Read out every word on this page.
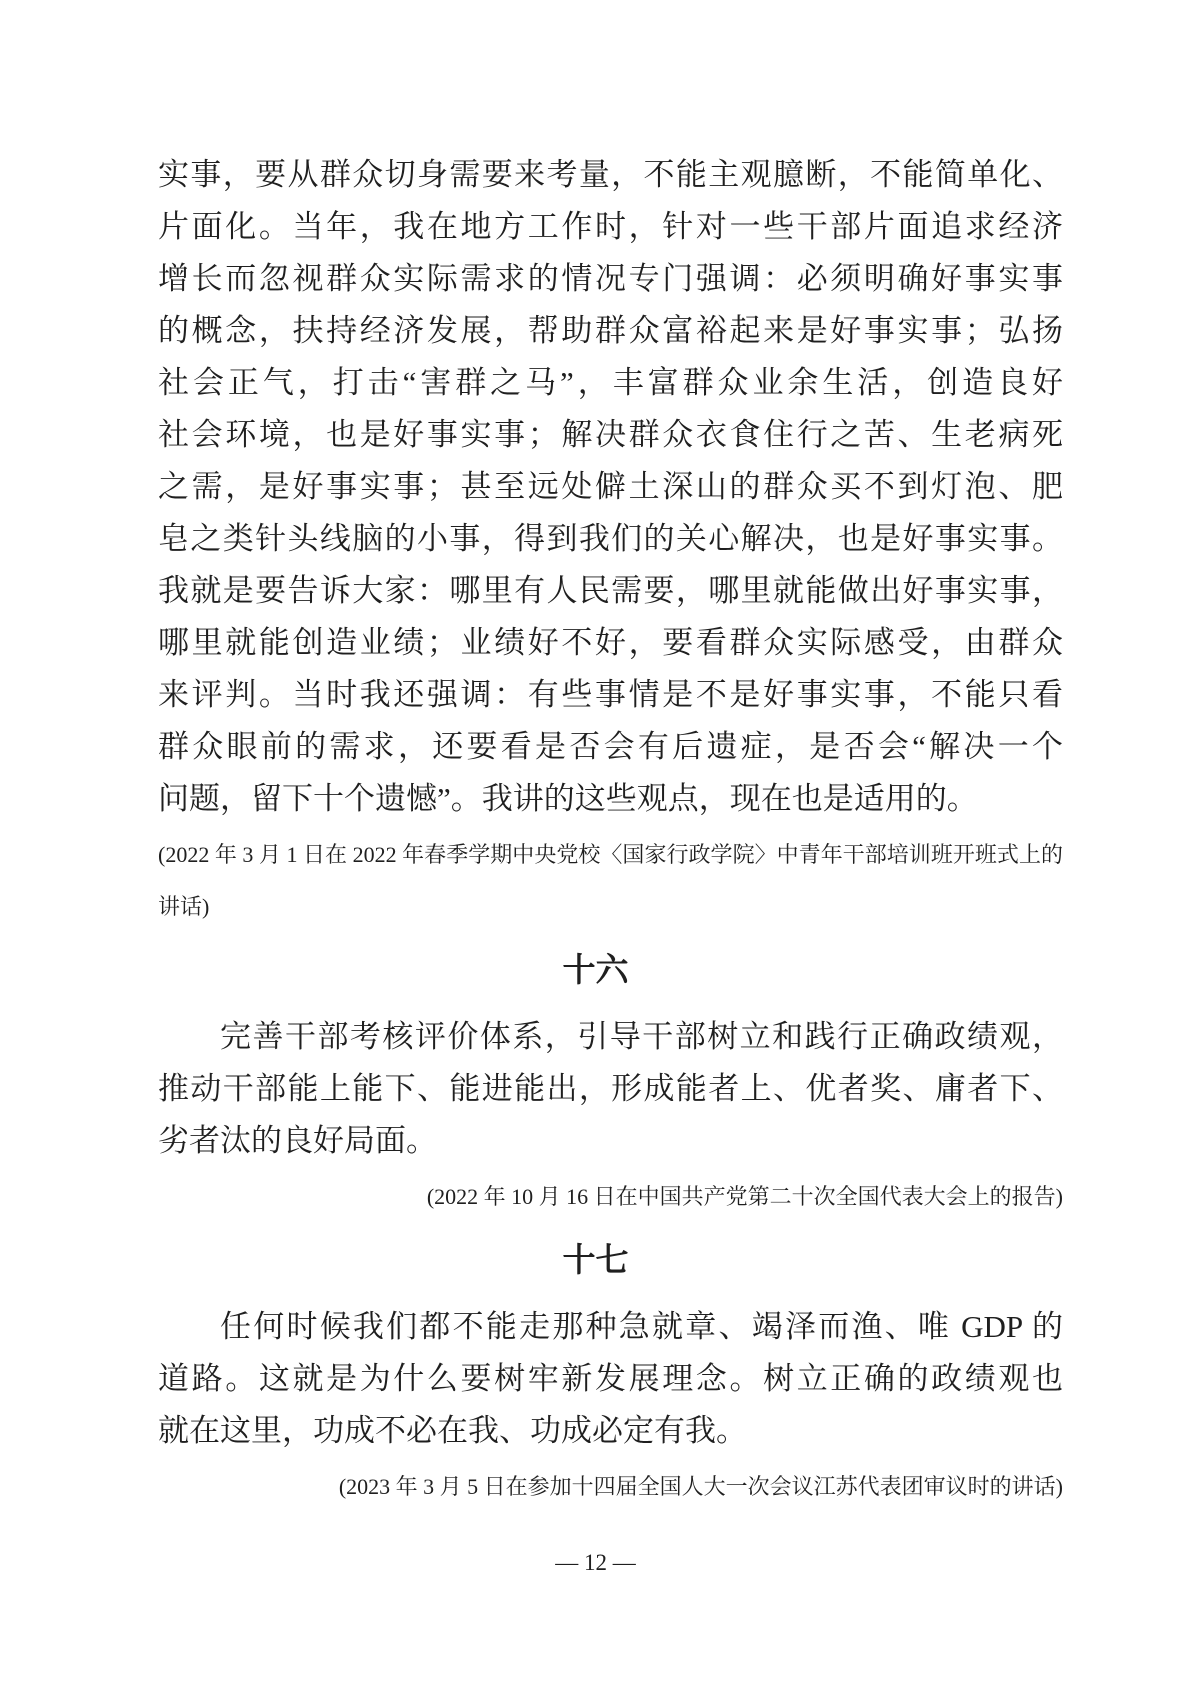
实事，要从群众切身需要来考量，不能主观臆断，不能简单化、
片面化。当年，我在地方工作时，针对一些干部片面追求经济
增长而忽视群众实际需求的情况专门强调：必须明确好事实事
的概念，扶持经济发展，帮助群众富裕起来是好事实事；弘扬
社会正气，打击“害群之马”，丰富群众业余生活，创造良好
社会环境，也是好事实事；解决群众衣食住行之苦、生老病死
之需，是好事实事；甚至远处僻土深山的群众买不到灯泡、肥
皂之类针头线脑的小事，得到我们的关心解决，也是好事实事。
我就是要告诉大家：哪里有人民需要，哪里就能做出好事实事，
哪里就能创造业绩；业绩好不好，要看群众实际感受，由群众
来评判。当时我还强调：有些事情是不是好事实事，不能只看
群众眼前的需求，还要看是否会有后遗症，是否会“解决一个
问题，留下十个遗憾”。我讲的这些观点，现在也是适用的。
(2022 年 3 月 1 日在 2022 年春季学期中央党校〈国家行政学院〉中青年干部培训班开班式上的
讲话)
十六
完善干部考核评价体系，引导干部树立和践行正确政绩观，
推动干部能上能下、能进能出，形成能者上、优者奖、庸者下、
劣者汰的良好局面。
(2022 年 10 月 16 日在中国共产党第二十次全国代表大会上的报告)
十七
任何时候我们都不能走那种急就章、竭泽而渔、唯 GDP 的
道路。这就是为什么要树牢新发展理念。树立正确的政绩观也
就在这里，功成不必在我、功成必定有我。
(2023 年 3 月 5 日在参加十四届全国人大一次会议江苏代表团审议时的讲话)
— 12 —
